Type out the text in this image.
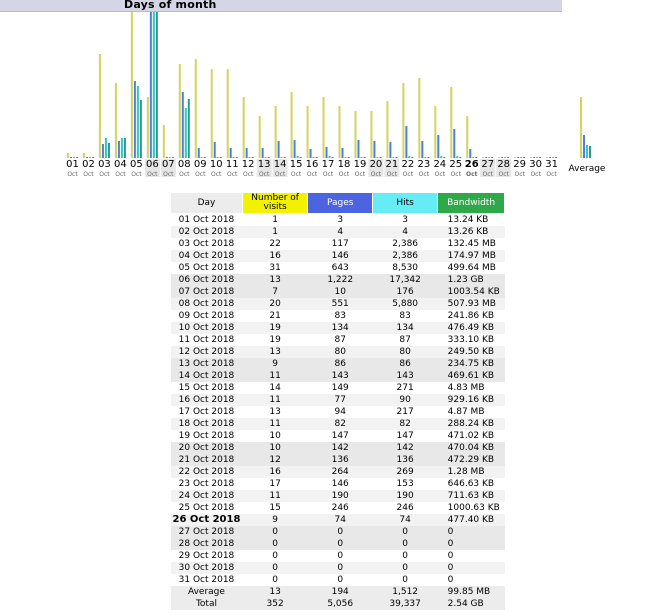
Days of month
01
Oct
02
Oct
03
Oct
04
Oct
05
Oct
06
Oct
07
Oct
08
Oct
09
Oct
10
Oct
11
Oct
12
Oct
13
Oct
14
Oct
15
Oct
16
Oct
17
Oct
18
Oct
19
Oct
20
Oct
21
Oct
22
Oct
23
Oct
24
Oct
25
Oct
26
Oct
27
Oct
28
Oct
29
Oct
30
Oct
31
Oct
Average
Day	Number of visits	Pages	Hits	Bandwidth
01 Oct 2018	1	3	3	13.24 KB
02 Oct 2018	1	4	4	13.26 KB
03 Oct 2018	22	117	2,386	132.45 MB
04 Oct 2018	16	146	2,386	174.97 MB
05 Oct 2018	31	643	8,530	499.64 MB
06 Oct 2018	13	1,222	17,342	1.23 GB
07 Oct 2018	7	10	176	1003.54 KB
08 Oct 2018	20	551	5,880	507.93 MB
09 Oct 2018	21	83	83	241.86 KB
10 Oct 2018	19	134	134	476.49 KB
11 Oct 2018	19	87	87	333.10 KB
12 Oct 2018	13	80	80	249.50 KB
13 Oct 2018	9	86	86	234.75 KB
14 Oct 2018	11	143	143	469.61 KB
15 Oct 2018	14	149	271	4.83 MB
16 Oct 2018	11	77	90	929.16 KB
17 Oct 2018	13	94	217	4.87 MB
18 Oct 2018	11	82	82	288.24 KB
19 Oct 2018	10	147	147	471.02 KB
20 Oct 2018	10	142	142	470.04 KB
21 Oct 2018	12	136	136	472.29 KB
22 Oct 2018	16	264	269	1.28 MB
23 Oct 2018	17	146	153	646.63 KB
24 Oct 2018	11	190	190	711.63 KB
25 Oct 2018	15	246	246	1000.63 KB
26 Oct 2018	9	74	74	477.40 KB
27 Oct 2018	0	0	0	0
28 Oct 2018	0	0	0	0
29 Oct 2018	0	0	0	0
30 Oct 2018	0	0	0	0
31 Oct 2018	0	0	0	0
Average	13	194	1,512	99.85 MB
Total	352	5,056	39,337	2.54 GB
